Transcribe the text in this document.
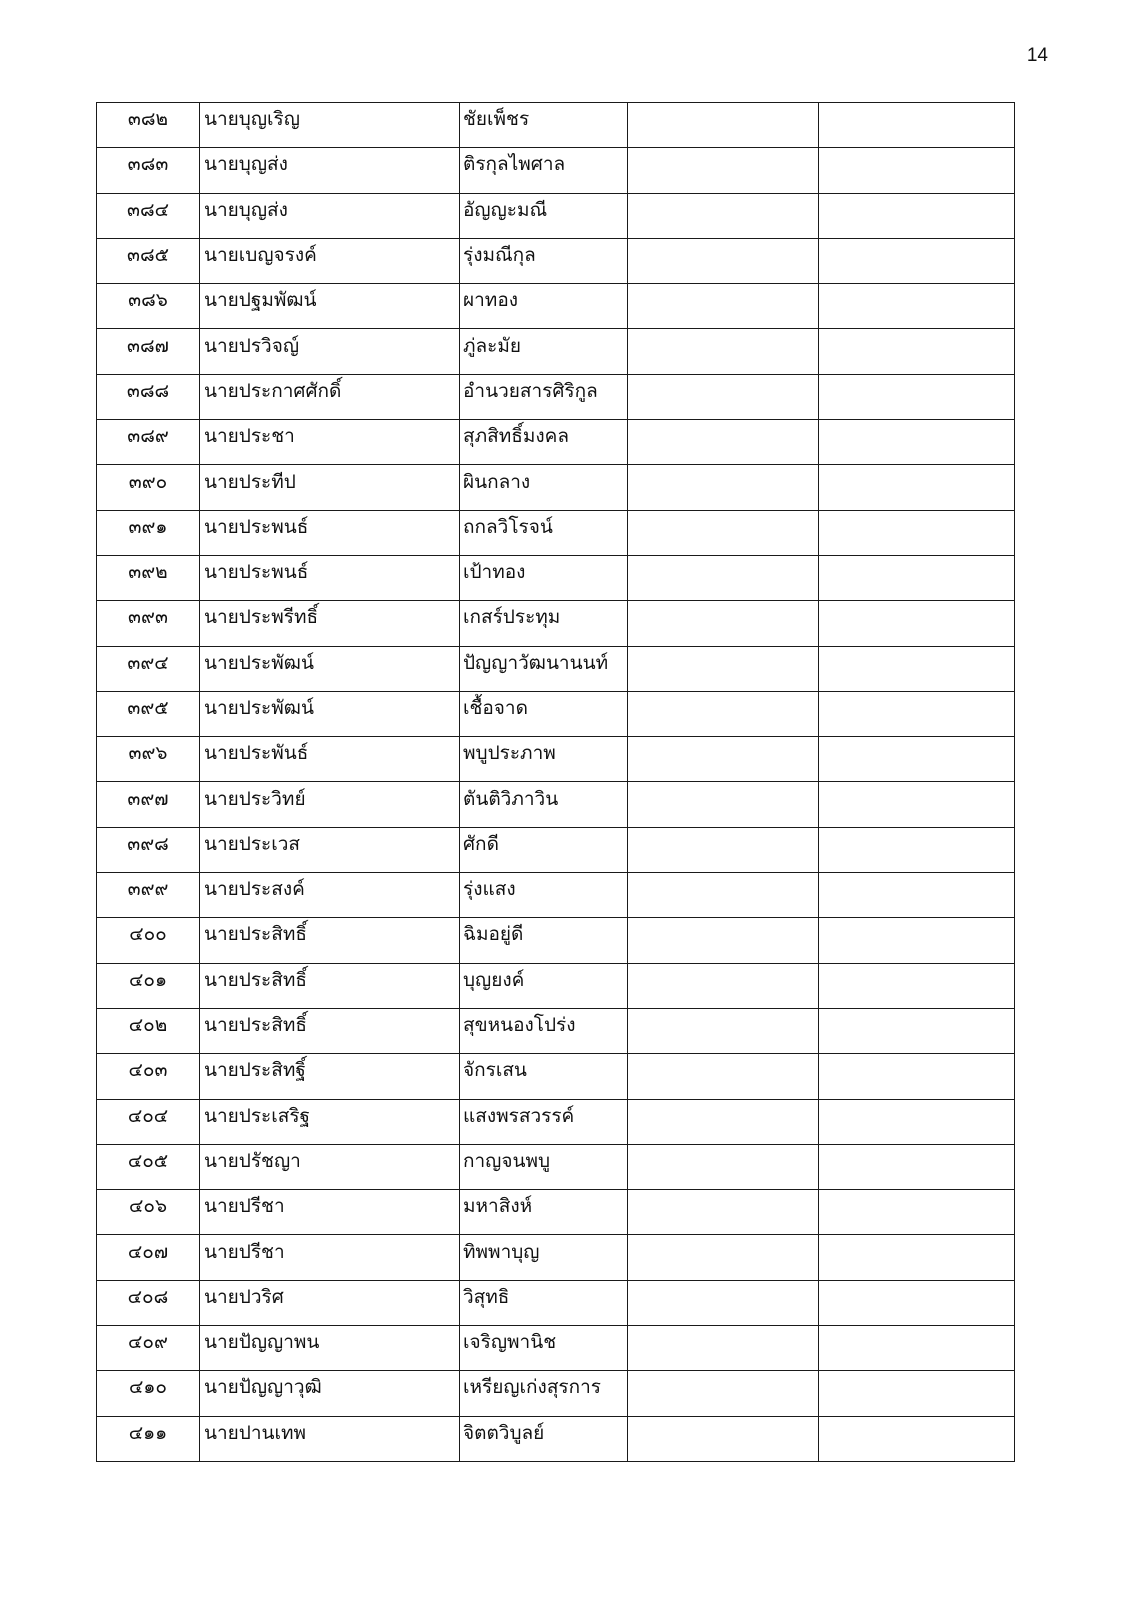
14
๓๘๒	นายบุญเริญ	ชัยเพ็ชร		
๓๘๓	นายบุญส่ง	ติรกุลไพศาล		
๓๘๔	นายบุญส่ง	อัญญะมณี		
๓๘๕	นายเบญจรงค์	รุ่งมณีกุล		
๓๘๖	นายปฐมพัฒน์	ผาทอง		
๓๘๗	นายปรวิจญ์	ภู่ละมัย		
๓๘๘	นายประกาศศักดิ์	อำนวยสารศิริกูล		
๓๘๙	นายประชา	สุภสิทธิ์มงคล		
๓๙๐	นายประทีป	ผินกลาง		
๓๙๑	นายประพนธ์	ถกลวิโรจน์		
๓๙๒	นายประพนธ์	เป้าทอง		
๓๙๓	นายประพรีทธิ์	เกสร์ประทุม		
๓๙๔	นายประพัฒน์	ปัญญาวัฒนานนท์		
๓๙๕	นายประพัฒน์	เชื้อจาด		
๓๙๖	นายประพันธ์	พบูประภาพ		
๓๙๗	นายประวิทย์	ตันติวิภาวิน		
๓๙๘	นายประเวส	ศักดี		
๓๙๙	นายประสงค์	รุ่งแสง		
๔๐๐	นายประสิทธิ์	ฉิมอยู่ดี		
๔๐๑	นายประสิทธิ์	บุญยงค์		
๔๐๒	นายประสิทธิ์	สุขหนองโปร่ง		
๔๐๓	นายประสิทฐิ์	จักรเสน		
๔๐๔	นายประเสริฐ	แสงพรสวรรค์		
๔๐๕	นายปรัชญา	กาญจนพบู		
๔๐๖	นายปรีชา	มหาสิงห์		
๔๐๗	นายปรีชา	ทิพพาบุญ		
๔๐๘	นายปวริศ	วิสุทธิ		
๔๐๙	นายปัญญาพน	เจริญพานิช		
๔๑๐	นายปัญญาวุฒิ	เหรียญเก่งสุรการ		
๔๑๑	นายปานเทพ	จิตตวิบูลย์		
